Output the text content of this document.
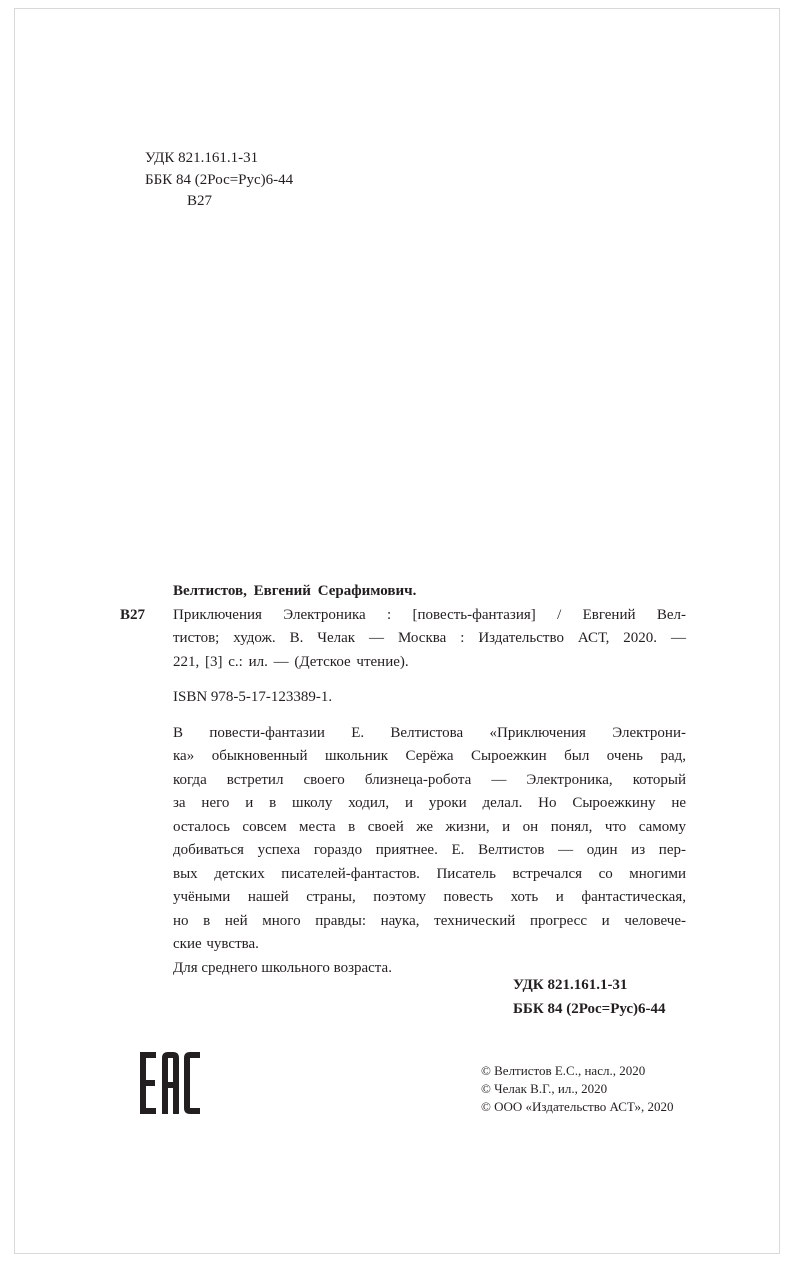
УДК 821.161.1-31
ББК 84 (2Рос=Рус)6-44
В27
Велтистов, Евгений Серафимович.
В27 Приключения Электроника : [повесть-фантазия] / Евгений Вел-
тистов; худож. В. Челак — Москва : Издательство АСТ, 2020. —
221, [3] с.: ил. — (Детское чтение).
ISBN 978-5-17-123389-1.
В повести-фантазии Е. Велтистова «Приключения Электрони-
ка» обыкновенный школьник Серёжа Сыроежкин был очень рад,
когда встретил своего близнеца-робота — Электроника, который
за него и в школу ходил, и уроки делал. Но Сыроежкину не
осталось совсем места в своей же жизни, и он понял, что самому
добиваться успеха гораздо приятнее. Е. Велтистов — один из пер-
вых детских писателей-фантастов. Писатель встречался со многими
учёными нашей страны, поэтому повесть хоть и фантастическая,
но в ней много правды: наука, технический прогресс и человече-
ские чувства.
Для среднего школьного возраста.
УДК 821.161.1-31
ББК 84 (2Рос=Рус)6-44
© Велтистов Е.С., насл., 2020
© Челак В.Г., ил., 2020
© ООО «Издательство АСТ», 2020
